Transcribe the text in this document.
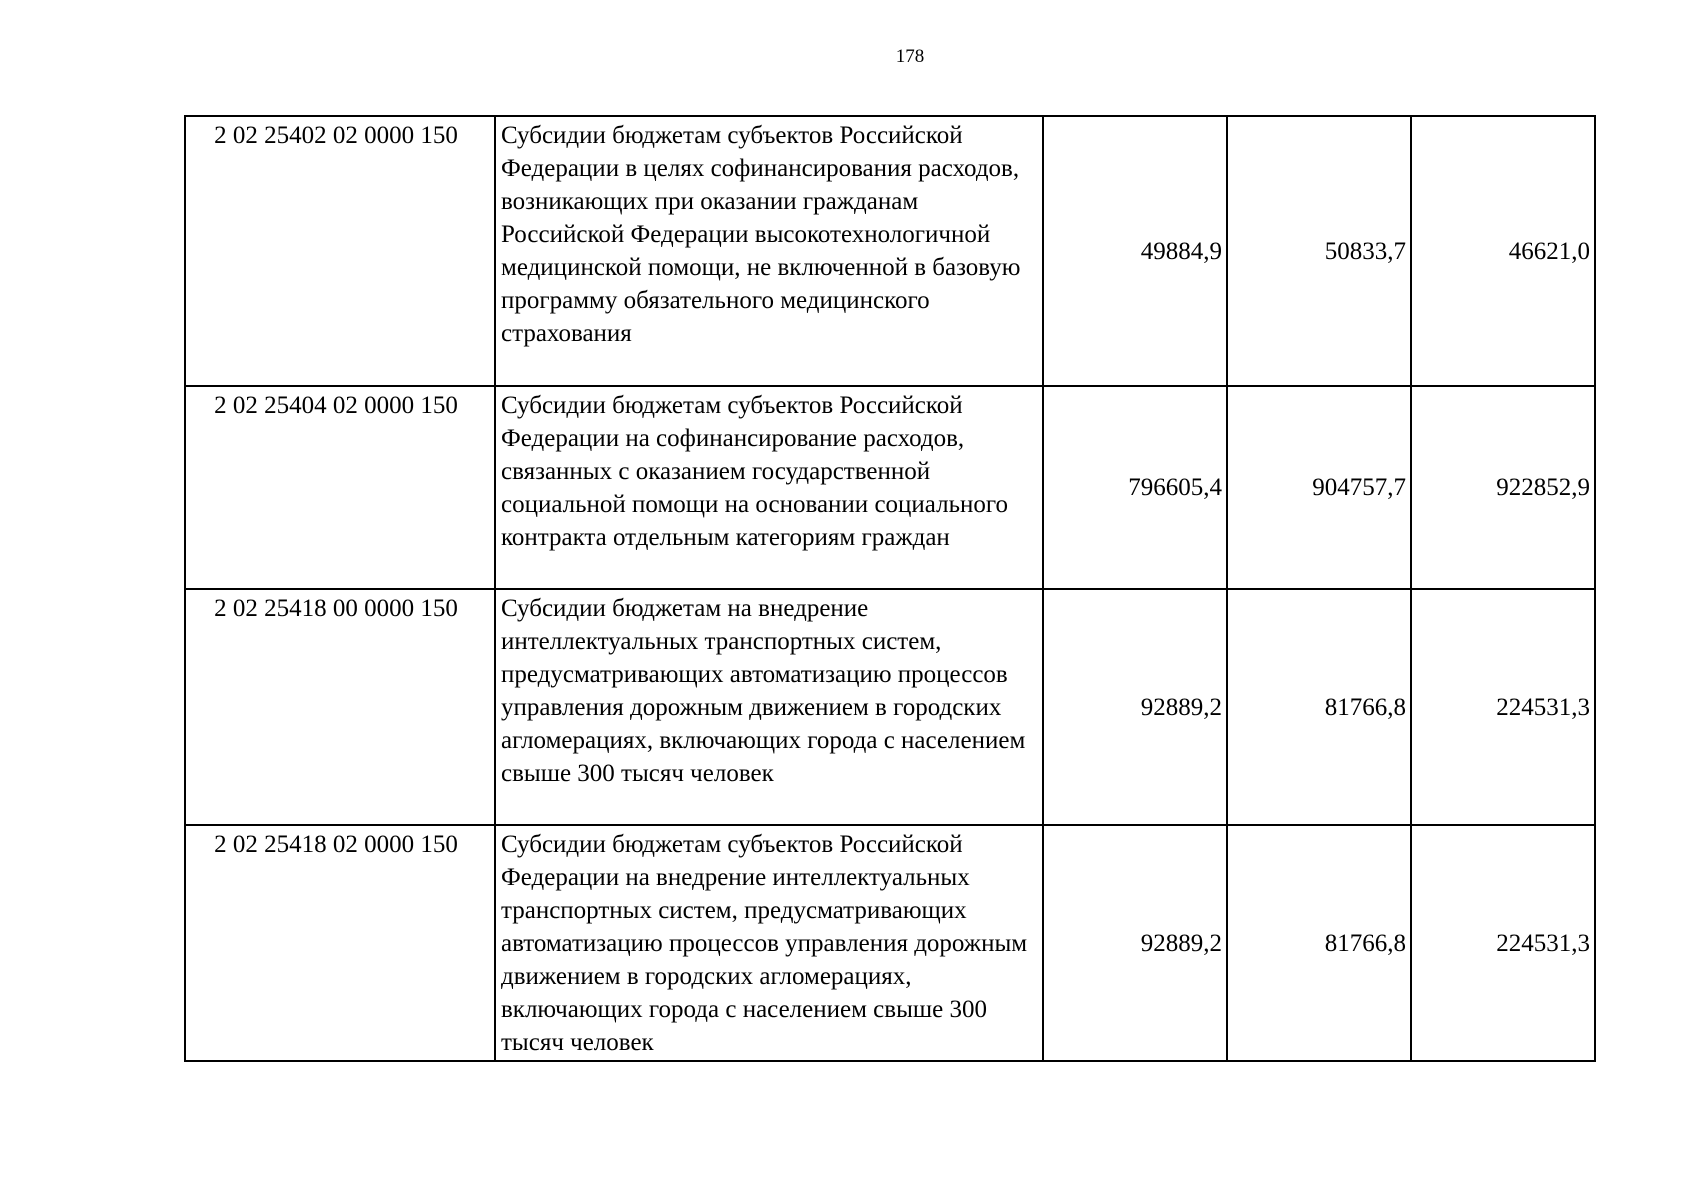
178
2 02 25402 02 0000 150	Субсидии бюджетам субъектов Российской Федерации в целях софинансирования расходов, возникающих при оказании гражданам Российской Федерации высокотехнологичной медицинской помощи, не включенной в базовую программу обязательного медицинского страхования	49884,9	50833,7	46621,0
2 02 25404 02 0000 150	Субсидии бюджетам субъектов Российской Федерации на софинансирование расходов, связанных с оказанием государственной социальной помощи на основании социального контракта отдельным категориям граждан	796605,4	904757,7	922852,9
2 02 25418 00 0000 150	Субсидии бюджетам на внедрение интеллектуальных транспортных систем, предусматривающих автоматизацию процессов управления дорожным движением в городских агломерациях, включающих города с населением свыше 300 тысяч человек	92889,2	81766,8	224531,3
2 02 25418 02 0000 150	Субсидии бюджетам субъектов Российской Федерации на внедрение интеллектуальных транспортных систем, предусматривающих автоматизацию процессов управления дорожным движением в городских агломерациях, включающих города с населением свыше 300 тысяч человек	92889,2	81766,8	224531,3
